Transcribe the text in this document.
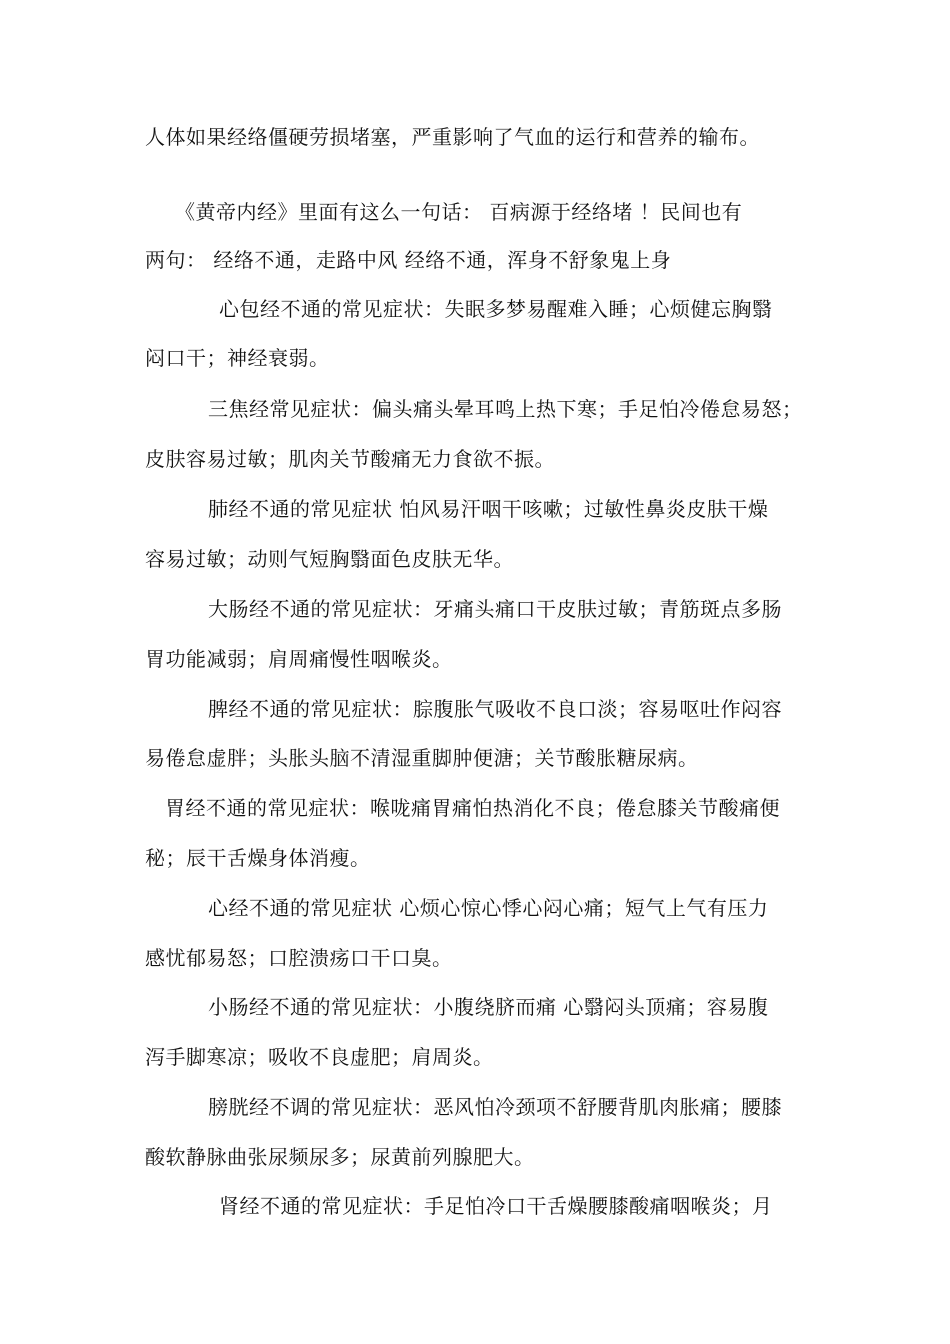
人体如果经络僵硬劳损堵塞，严重影响了气血的运行和营养的输布。
《黄帝内经》里面有这么一句话： 百病源于经络堵 ！民间也有
两句： 经络不通，走路中风 经络不通，浑身不舒象鬼上身
心包经不通的常见症状：失眠多梦易醒难入睡；心烦健忘胸翳
闷口干；神经衰弱。
三焦经常见症状：偏头痛头晕耳鸣上热下寒；手足怕冷倦怠易怒；
皮肤容易过敏；肌肉关节酸痛无力食欲不振。
肺经不通的常见症状 怕风易汗咽干咳嗽；过敏性鼻炎皮肤干燥
容易过敏；动则气短胸翳面色皮肤无华。
大肠经不通的常见症状：牙痛头痛口干皮肤过敏；青筋斑点多肠
胃功能减弱；肩周痛慢性咽喉炎。
脾经不通的常见症状：腙腹胀气吸收不良口淡；容易呕吐作闷容
易倦怠虚胖；头胀头脑不清湿重脚肿便溏；关节酸胀糖尿病。
胃经不通的常见症状：喉咙痛胃痛怕热消化不良；倦怠膝关节酸痛便
秘；辰干舌燥身体消瘦。
心经不通的常见症状 心烦心惊心悸心闷心痛；短气上气有压力
感忧郁易怒；口腔溃疡口干口臭。
小肠经不通的常见症状：小腹绕脐而痛 心翳闷头顶痛；容易腹
泻手脚寒凉；吸收不良虚肥；肩周炎。
膀胱经不调的常见症状：恶风怕冷颈项不舒腰背肌肉胀痛；腰膝
酸软静脉曲张尿频尿多；尿黄前列腺肥大。
肾经不通的常见症状：手足怕冷口干舌燥腰膝酸痛咽喉炎；月
